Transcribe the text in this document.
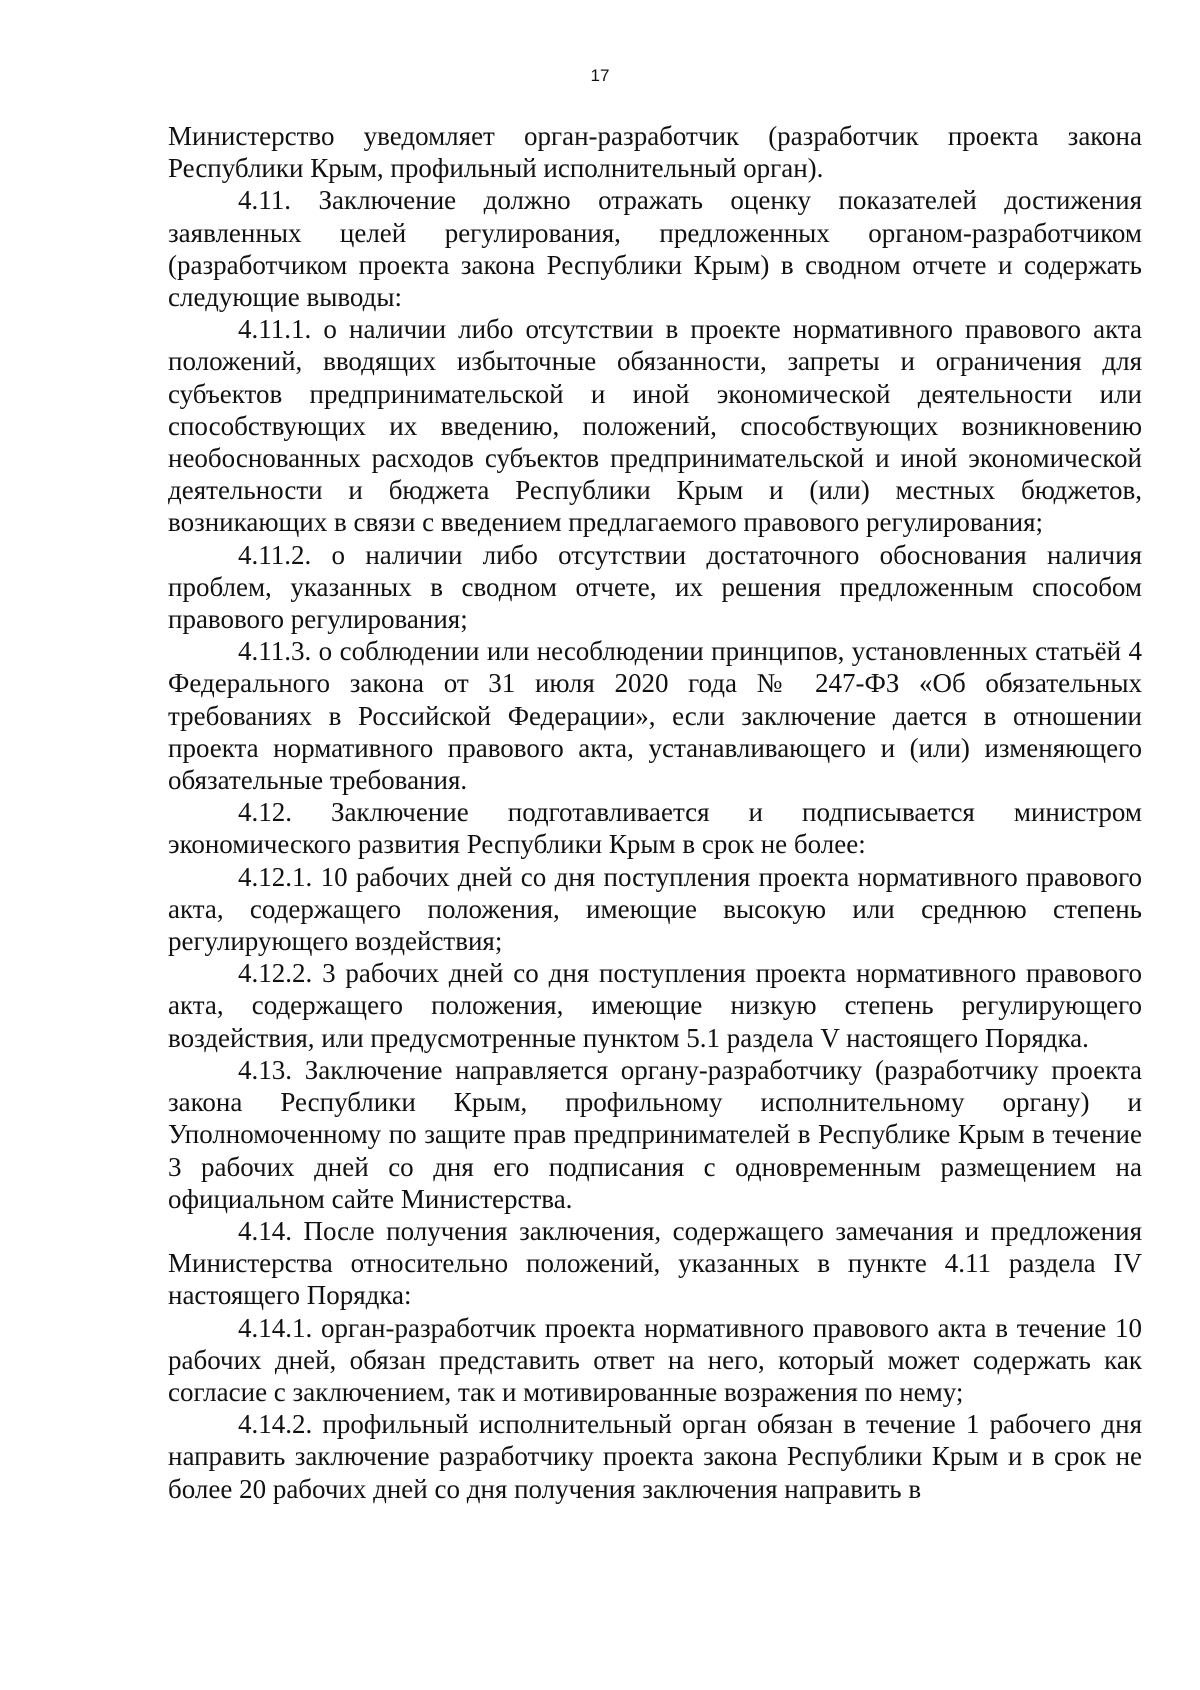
17

Министерство уведомляет орган-разработчик (разработчик проекта закона Республики Крым, профильный исполнительный орган).

4.11. Заключение должно отражать оценку показателей достижения заявленных целей регулирования, предложенных органом-разработчиком (разработчиком проекта закона Республики Крым) в сводном отчете и содержать следующие выводы:

4.11.1. о наличии либо отсутствии в проекте нормативного правового акта положений, вводящих избыточные обязанности, запреты и ограничения для субъектов предпринимательской и иной экономической деятельности или способствующих их введению, положений, способствующих возникновению необоснованных расходов субъектов предпринимательской и иной экономической деятельности и бюджета Республики Крым и (или) местных бюджетов, возникающих в связи с введением предлагаемого правового регулирования;

4.11.2. о наличии либо отсутствии достаточного обоснования наличия проблем, указанных в сводном отчете, их решения предложенным способом правового регулирования;

4.11.3. о соблюдении или несоблюдении принципов, установленных статьёй 4 Федерального закона от 31 июля 2020 года № 247-ФЗ «Об обязательных требованиях в Российской Федерации», если заключение дается в отношении проекта нормативного правового акта, устанавливающего и (или) изменяющего обязательные требования.

4.12. Заключение подготавливается и подписывается министром экономического развития Республики Крым в срок не более:

4.12.1. 10 рабочих дней со дня поступления проекта нормативного правового акта, содержащего положения, имеющие высокую или среднюю степень регулирующего воздействия;

4.12.2. 3 рабочих дней со дня поступления проекта нормативного правового акта, содержащего положения, имеющие низкую степень регулирующего воздействия, или предусмотренные пунктом 5.1 раздела V настоящего Порядка.

4.13. Заключение направляется органу-разработчику (разработчику проекта закона Республики Крым, профильному исполнительному органу) и Уполномоченному по защите прав предпринимателей в Республике Крым в течение 3 рабочих дней со дня его подписания с одновременным размещением на официальном сайте Министерства.

4.14. После получения заключения, содержащего замечания и предложения Министерства относительно положений, указанных в пункте 4.11 раздела IV настоящего Порядка:

4.14.1. орган-разработчик проекта нормативного правового акта в течение 10 рабочих дней, обязан представить ответ на него, который может содержать как согласие с заключением, так и мотивированные возражения по нему;

4.14.2. профильный исполнительный орган обязан в течение 1 рабочего дня направить заключение разработчику проекта закона Республики Крым и в срок не более 20 рабочих дней со дня получения заключения направить в
